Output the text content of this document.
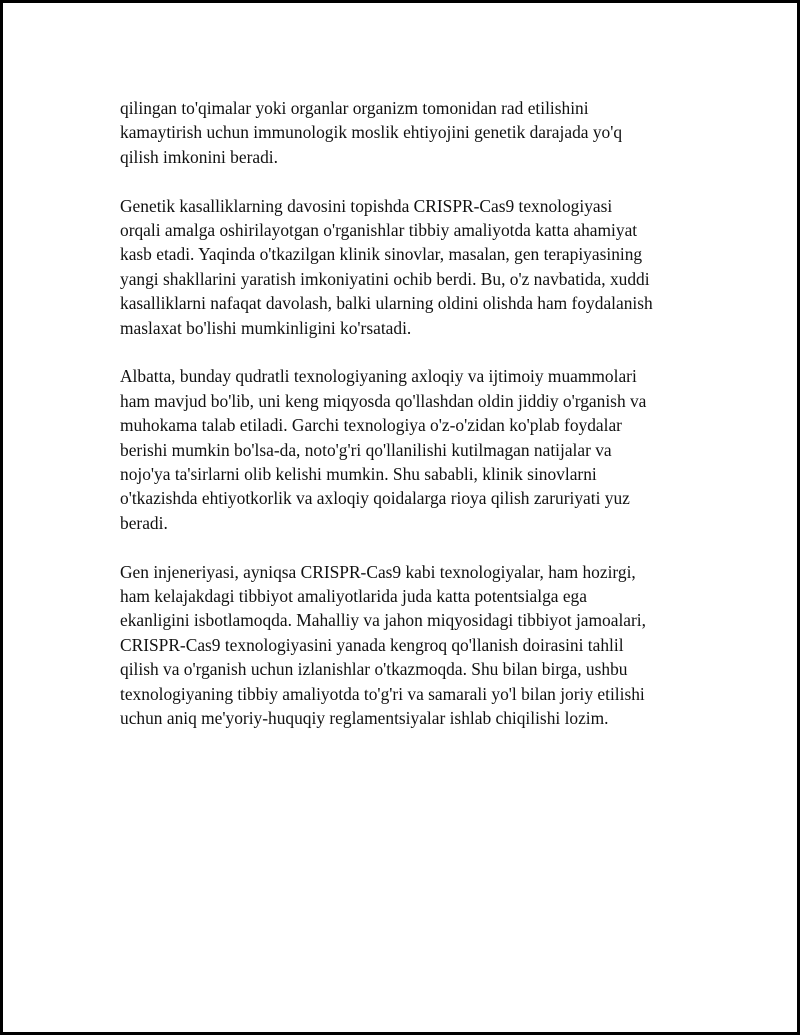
qilingan to'qimalar yoki organlar organizm tomonidan rad etilishini
kamaytirish uchun immunologik moslik ehtiyojini genetik darajada yo'q
qilish imkonini beradi.

Genetik kasalliklarning davosini topishda CRISPR-Cas9 texnologiyasi
orqali amalga oshirilayotgan o'rganishlar tibbiy amaliyotda katta ahamiyat
kasb etadi. Yaqinda o'tkazilgan klinik sinovlar, masalan, gen terapiyasining
yangi shakllarini yaratish imkoniyatini ochib berdi. Bu, o'z navbatida, xuddi
kasalliklarni nafaqat davolash, balki ularning oldini olishda ham foydalanish
maslaxat bo'lishi mumkinligini ko'rsatadi.

Albatta, bunday qudratli texnologiyaning axloqiy va ijtimoiy muammolari
ham mavjud bo'lib, uni keng miqyosda qo'llashdan oldin jiddiy o'rganish va
muhokama talab etiladi. Garchi texnologiya o'z-o'zidan ko'plab foydalar
berishi mumkin bo'lsa-da, noto'g'ri qo'llanilishi kutilmagan natijalar va
nojo'ya ta'sirlarni olib kelishi mumkin. Shu sababli, klinik sinovlarni
o'tkazishda ehtiyotkorlik va axloqiy qoidalarga rioya qilish zaruriyati yuz
beradi.

Gen injeneriyasi, ayniqsa CRISPR-Cas9 kabi texnologiyalar, ham hozirgi,
ham kelajakdagi tibbiyot amaliyotlarida juda katta potentsialga ega
ekanligini isbotlamoqda. Mahalliy va jahon miqyosidagi tibbiyot jamoalari,
CRISPR-Cas9 texnologiyasini yanada kengroq qo'llanish doirasini tahlil
qilish va o'rganish uchun izlanishlar o'tkazmoqda. Shu bilan birga, ushbu
texnologiyaning tibbiy amaliyotda to'g'ri va samarali yo'l bilan joriy etilishi
uchun aniq me'yoriy-huquqiy reglamentsiyalar ishlab chiqilishi lozim.
